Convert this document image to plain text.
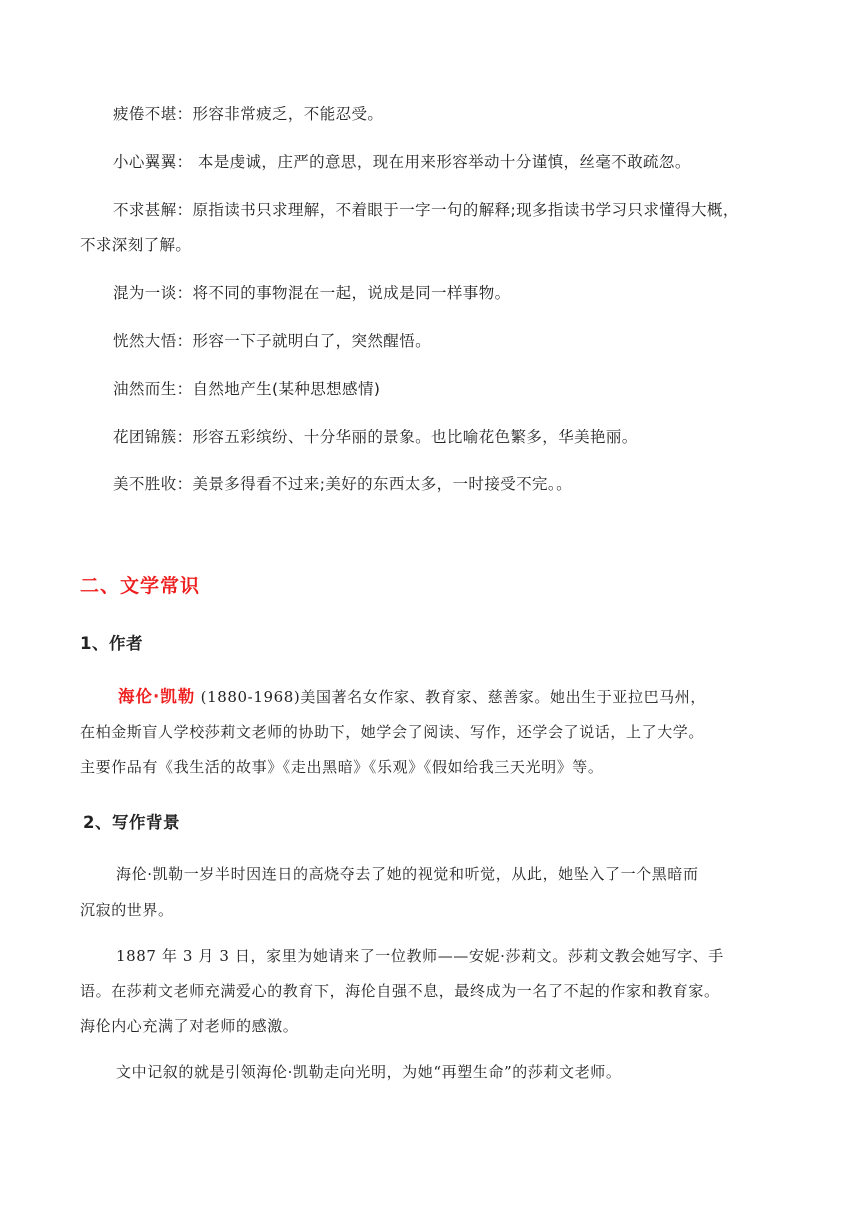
疲倦不堪：形容非常疲乏，不能忍受。

小心翼翼： 本是虔诚，庄严的意思，现在用来形容举动十分谨慎，丝毫不敢疏忽。

不求甚解：原指读书只求理解，不着眼于一字一句的解释;现多指读书学习只求懂得大概，

不求深刻了解。

混为一谈：将不同的事物混在一起，说成是同一样事物。

恍然大悟：形容一下子就明白了，突然醒悟。

油然而生：自然地产生(某种思想感情)

花团锦簇：形容五彩缤纷、十分华丽的景象。也比喻花色繁多，华美艳丽。

美不胜收：美景多得看不过来;美好的东西太多，一时接受不完。。

二、文学常识
1、作者

海伦·凯勒 (1880-1968)美国著名女作家、教育家、慈善家。她出生于亚拉巴马州，

在柏金斯盲人学校莎莉文老师的协助下，她学会了阅读、写作，还学会了说话，上了大学。

主要作品有《我生活的故事》《走出黑暗》《乐观》《假如给我三天光明》等。

2、写作背景

海伦·凯勒一岁半时因连日的高烧夺去了她的视觉和听觉，从此，她坠入了一个黑暗而

沉寂的世界。

1887 年 3 月 3 日，家里为她请来了一位教师——安妮·莎莉文。莎莉文教会她写字、手

语。在莎莉文老师充满爱心的教育下，海伦自强不息，最终成为一名了不起的作家和教育家。

海伦内心充满了对老师的感激。

文中记叙的就是引领海伦·凯勒走向光明，为她“再塑生命”的莎莉文老师。
